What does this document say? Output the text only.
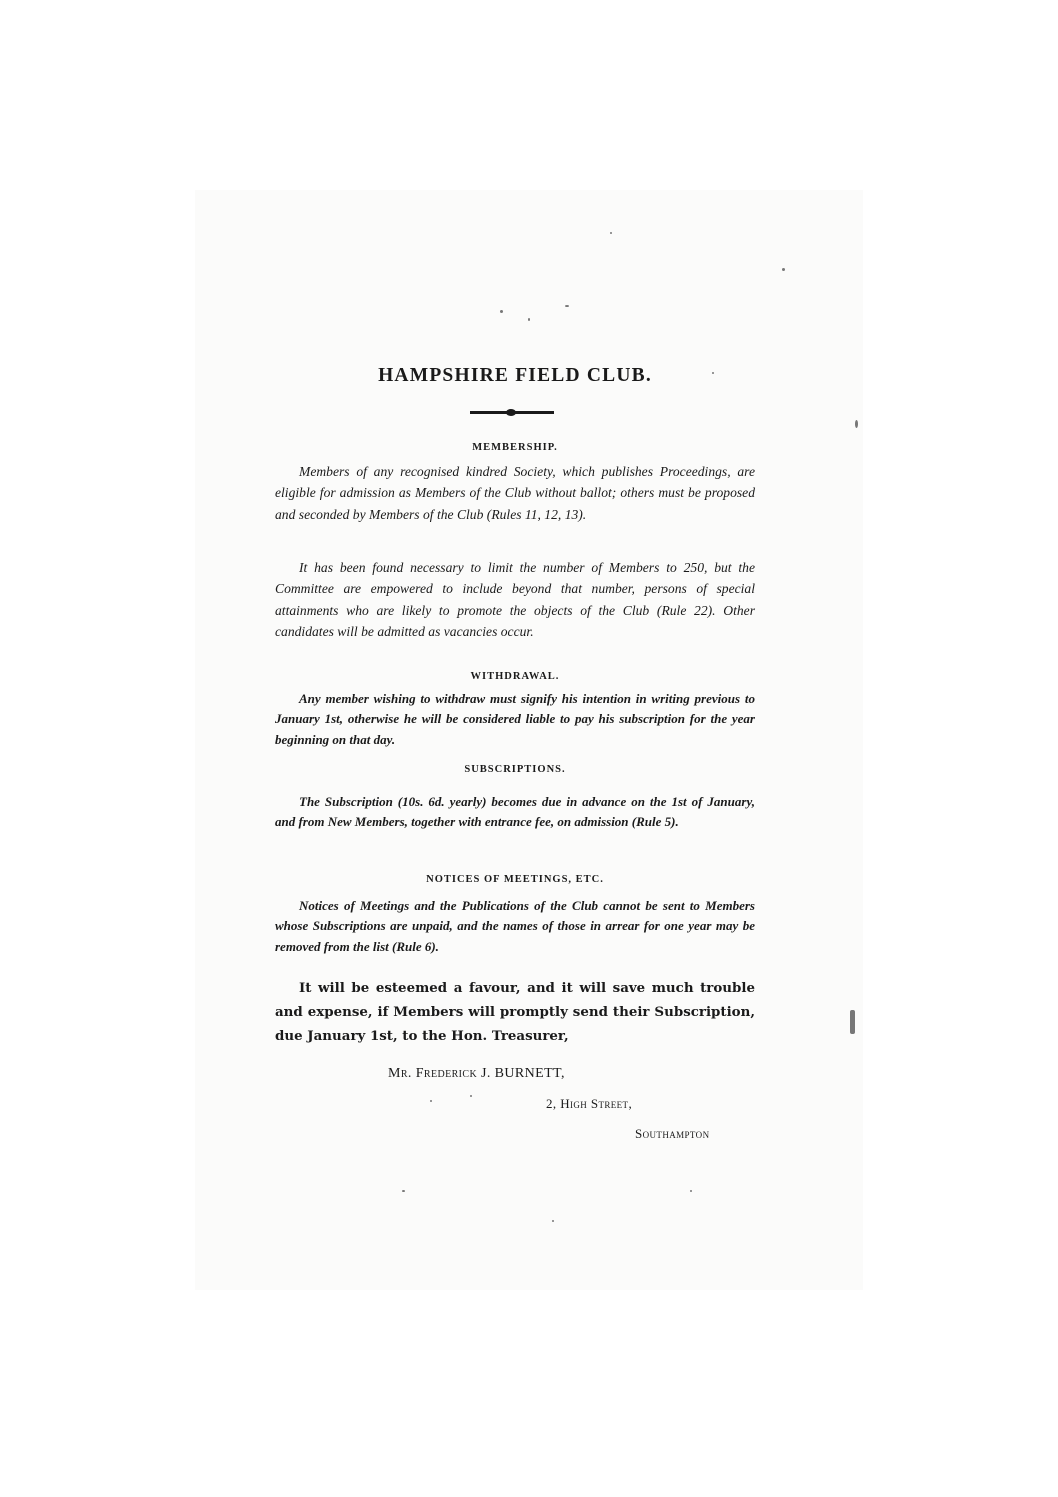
HAMPSHIRE FIELD CLUB.
MEMBERSHIP.

Members of any recognised kindred Society, which publishes Proceedings, are eligible for admission as Members of the Club without ballot; others must be proposed and seconded by Members of the Club (Rules 11, 12, 13).

It has been found necessary to limit the number of Members to 250, but the Committee are empowered to include beyond that number, persons of special attainments who are likely to promote the objects of the Club (Rule 22). Other candidates will be admitted as vacancies occur.

WITHDRAWAL.

Any member wishing to withdraw must signify his intention in writing previous to January 1st, otherwise he will be considered liable to pay his subscription for the year beginning on that day.

SUBSCRIPTIONS.

The Subscription (10s. 6d. yearly) becomes due in advance on the 1st of January, and from New Members, together with entrance fee, on admission (Rule 5).

NOTICES OF MEETINGS, ETC.

Notices of Meetings and the Publications of the Club cannot be sent to Members whose Subscriptions are unpaid, and the names of those in arrear for one year may be removed from the list (Rule 6).

It will be esteemed a favour, and it will save much trouble and expense, if Members will promptly send their Subscription, due January 1st, to the Hon. Treasurer,

Mr. Frederick J. BURNETT,
2, High Street,
Southampton
